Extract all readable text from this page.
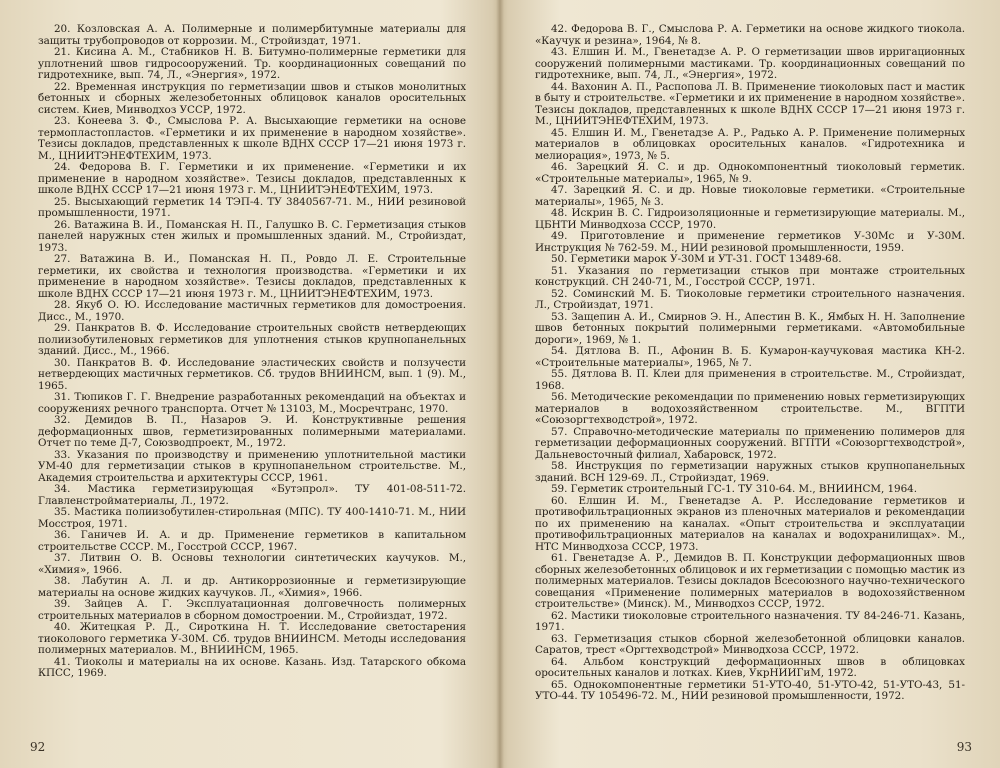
20. Козловская А. А. Полимерные и полимербитумные материалы для защиты трубопроводов от коррозии. М., Стройиздат, 1971.

21. Кисина А. М., Стабников Н. В. Битумно-полимерные герметики для уплотнений швов гидросооружений. Тр. координационных совещаний по гидротехнике, вып. 74, Л., «Энергия», 1972.

22. Временная инструкция по герметизации швов и стыков монолитных бетонных и сборных железобетонных облицовок каналов оросительных систем. Киев, Минводхоз УССР, 1972.

23. Конеева З. Ф., Смыслова Р. А. Высыхающие герметики на основе термопластопластов. «Герметики и их применение в народном хозяйстве». Тезисы докладов, представленных к школе ВДНХ СССР 17—21 июня 1973 г. М., ЦНИИТЭНЕФТЕХИМ, 1973.

24. Федорова В. Г. Герметики и их применение. «Герметики и их применение в народном хозяйстве». Тезисы докладов, представленных к школе ВДНХ СССР 17—21 июня 1973 г. М., ЦНИИТЭНЕФТЕХИМ, 1973.

25. Высыхающий герметик 14 ТЭП-4. ТУ 3840567-71. М., НИИ резиновой промышленности, 1971.

26. Ватажина В. И., Поманская Н. П., Галушко В. С. Герметизация стыков панелей наружных стен жилых и промышленных зданий. М., Стройиздат, 1973.

27. Ватажина В. И., Поманская Н. П., Ровдо Л. Е. Строительные герметики, их свойства и технология производства. «Герметики и их применение в народном хозяйстве». Тезисы докладов, представленных к школе ВДНХ СССР 17—21 июня 1973 г. М., ЦНИИТЭНЕФТЕХИМ, 1973.

28. Якуб О. Ю. Исследование мастичных герметиков для домостроения. Дисс., М., 1970.

29. Панкратов В. Ф. Исследование строительных свойств нетвердеющих полиизобутиленовых герметиков для уплотнения стыков крупнопанельных зданий. Дисс., М., 1966.

30. Панкратов В. Ф. Исследование эластических свойств и ползучести нетвердеющих мастичных герметиков. Сб. трудов ВНИИНСМ, вып. 1 (9). М., 1965.

31. Тюпиков Г. Г. Внедрение разработанных рекомендаций на объектах и сооружениях речного транспорта. Отчет № 13103, М., Мосречтранс, 1970.

32. Демидов В. П., Назаров Э. И. Конструктивные решения деформационных швов, герметизированных полимерными материалами. Отчет по теме Д-7, Союзводпроект, М., 1972.

33. Указания по производству и применению уплотнительной мастики УМ-40 для герметизации стыков в крупнопанельном строительстве. М., Академия строительства и архитектуры СССР, 1961.

34. Мастика герметизирующая «Бутэпрол». ТУ 401-08-511-72. Главленстройматериалы, Л., 1972.

35. Мастика полиизобутилен-стирольная (МПС). ТУ 400-1410-71. М., НИИ Мосстроя, 1971.

36. Ганичев И. А. и др. Применение герметиков в капитальном строительстве СССР. М., Госстрой СССР, 1967.

37. Литвин О. В. Основы технологии синтетических каучуков. М., «Химия», 1966.

38. Лабутин А. Л. и др. Антикоррозионные и герметизирующие материалы на основе жидких каучуков. Л., «Химия», 1966.

39. Зайцев А. Г. Эксплуатационная долговечность полимерных строительных материалов в сборном домостроении. М., Стройиздат, 1972.

40. Житецкая Р. Д., Сироткина Н. Т. Исследование светостарения тиоколового герметика У-30М. Сб. трудов ВНИИНСМ. Методы исследования полимерных материалов. М., ВНИИНСМ, 1965.

41. Тиоколы и материалы на их основе. Казань. Изд. Татарского обкома КПСС, 1969.

42. Федорова В. Г., Смыслова Р. А. Герметики на основе жидкого тиокола. «Каучук и резина», 1964, № 8.

43. Елшин И. М., Гвенетадзе А. Р. О герметизации швов ирригационных сооружений полимерными мастиками. Тр. координационных совещаний по гидротехнике, вып. 74, Л., «Энергия», 1972.

44. Вахонин А. П., Распопова Л. В. Применение тиоколовых паст и мастик в быту и строительстве. «Герметики и их применение в народном хозяйстве». Тезисы докладов, представленных к школе ВДНХ СССР 17—21 июня 1973 г. М., ЦНИИТЭНЕФТЕХИМ, 1973.

45. Елшин И. М., Гвенетадзе А. Р., Радько А. Р. Применение полимерных материалов в облицовках оросительных каналов. «Гидротехника и мелиорация», 1973, № 5.

46. Зарецкий Я. С. и др. Однокомпонентный тиоколовый герметик. «Строительные материалы», 1965, № 9.

47. Зарецкий Я. С. и др. Новые тиоколовые герметики. «Строительные материалы», 1965, № 3.

48. Искрин В. С. Гидроизоляционные и герметизирующие материалы. М., ЦБНТИ Минводхоза СССР, 1970.

49. Приготовление и применение герметиков У-30Мс и У-30М. Инструкция № 762-59. М., НИИ резиновой промышленности, 1959.

50. Герметики марок У-30М и УТ-31. ГОСТ 13489-68.

51. Указания по герметизации стыков при монтаже строительных конструкций. СН 240-71, М., Госстрой СССР, 1971.

52. Соминский М. Б. Тиоколовые герметики строительного назначения. Л., Стройиздат, 1971.

53. Защепин А. И., Смирнов Э. Н., Апестин В. К., Ямбых Н. Н. Заполнение швов бетонных покрытий полимерными герметиками. «Автомобильные дороги», 1969, № 1.

54. Дятлова В. П., Афонин В. Б. Кумарон-каучуковая мастика КН-2. «Строительные материалы», 1965, № 7.

55. Дятлова В. П. Клеи для применения в строительстве. М., Стройиздат, 1968.

56. Методические рекомендации по применению новых герметизирующих материалов в водохозяйственном строительстве. М., ВГПТИ «Союзоргтехводстрой», 1972.

57. Справочно-методические материалы по применению полимеров для герметизации деформационных сооружений. ВГПТИ «Союзоргтехводстрой», Дальневосточный филиал, Хабаровск, 1972.

58. Инструкция по герметизации наружных стыков крупнопанельных зданий. ВСН 129-69. Л., Стройиздат, 1969.

59. Герметик строительный ГС-1. ТУ 310-64. М., ВНИИНСМ, 1964.

60. Елшин И. М., Гвенетадзе А. Р. Исследование герметиков и противофильтрационных экранов из пленочных материалов и рекомендации по их применению на каналах. «Опыт строительства и эксплуатации противофильтрационных материалов на каналах и водохранилищах». М., НТС Минводхоза СССР, 1973.

61. Гвенетадзе А. Р., Демидов В. П. Конструкции деформационных швов сборных железобетонных облицовок и их герметизации с помощью мастик из полимерных материалов. Тезисы докладов Всесоюзного научно-технического совещания «Применение полимерных материалов в водохозяйственном строительстве» (Минск). М., Минводхоз СССР, 1972.

62. Мастики тиоколовые строительного назначения. ТУ 84-246-71. Казань, 1971.

63. Герметизация стыков сборной железобетонной облицовки каналов. Саратов, трест «Оргтехводстрой» Минводхоза СССР, 1972.

64. Альбом конструкций деформационных швов в облицовках оросительных каналов и лотках. Киев, УкрНИИГиМ, 1972.

65. Однокомпонентные герметики 51-УТО-40, 51-УТО-42, 51-УТО-43, 51-УТО-44. ТУ 105496-72. М., НИИ резиновой промышленности, 1972.

92	93
